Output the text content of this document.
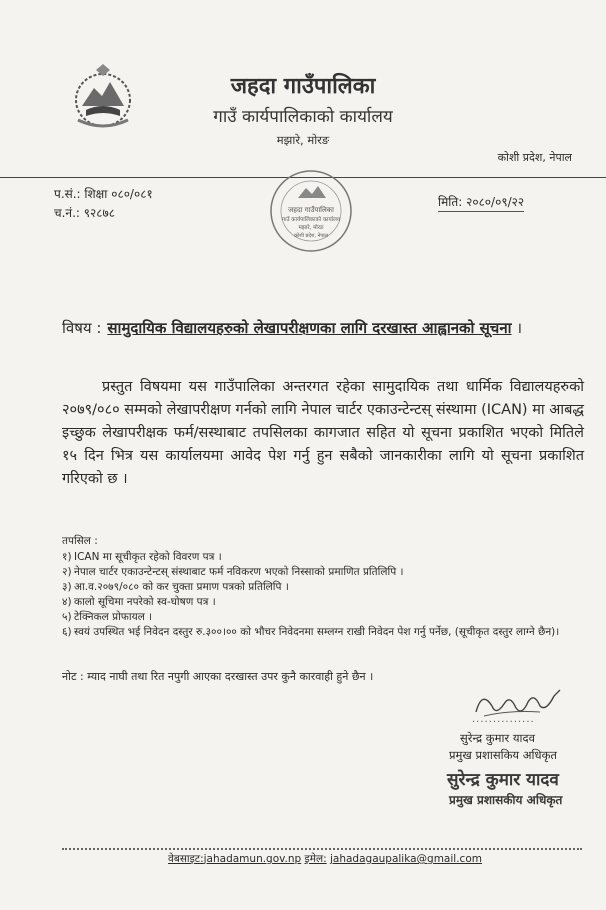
जहदा गाउँपालिका
गाउँ कार्यपालिकाको कार्यालय
मझारे, मोरङ
कोशी प्रदेश, नेपाल
प.सं.: शिक्षा ०८०/०८१
च.नं.: ९२८७८	जहदा गाउँपालिका
गाउँ कार्यपालिकाको कार्यालय
मझारे, मोरङ
कोशी प्रदेश, नेपाल
मिति: २०८०/०९/२२
विषय : सामुदायिक विद्यालयहरुको लेखापरीक्षणका लागि दरखास्त आह्वानको सूचना ।
प्रस्तुत विषयमा यस गाउँपालिका अन्तरगत रहेका सामुदायिक तथा धार्मिक विद्यालयहरुको २०७९/०८० सम्मको लेखापरीक्षण गर्नको लागि नेपाल चार्टर एकाउन्टेन्टस् संस्थामा (ICAN) मा आबद्ध इच्छुक लेखापरीक्षक फर्म/सस्थाबाट तपसिलका कागजात सहित यो सूचना प्रकाशित भएको मितिले १५ दिन भित्र यस कार्यालयमा आवेद पेश गर्नु हुन सबैको जानकारीका लागि यो सूचना प्रकाशित गरिएको छ ।
तपसिल :
१) ICAN मा सूचीकृत रहेको विवरण पत्र ।
२) नेपाल चार्टर एकाउन्टेन्टस् संस्थाबाट फर्म नविकरण भएको निस्साको प्रमाणित प्रतिलिपि ।
३) आ.व.२०७९/०८० को कर चुक्ता प्रमाण पत्रको प्रतिलिपि ।
४) कालो सूचिमा नपरेको स्व-घोषण पत्र ।
५) टेक्निकल प्रोफायल ।
६) स्वयं उपस्थित भई निवेदन दस्तुर रु.३००।०० को भौचर निवेदनमा सम्लग्न राखी निवेदन पेश गर्नु पर्नेछ, (सूचीकृत दस्तुर लाग्ने छैन)।
नोट : म्याद नाघी तथा रित नपुगी आएका दरखास्त उपर कुनै कारवाही हुने छैन ।
...............
सुरेन्द्र कुमार यादव
प्रमुख प्रशासकिय अधिकृत
सुरेन्द्र कुमार यादव
प्रमुख प्रशासकीय अधिकृत
वेबसाइट:jahadamun.gov.np इमेल: jahadagaupalika@gmail.com
